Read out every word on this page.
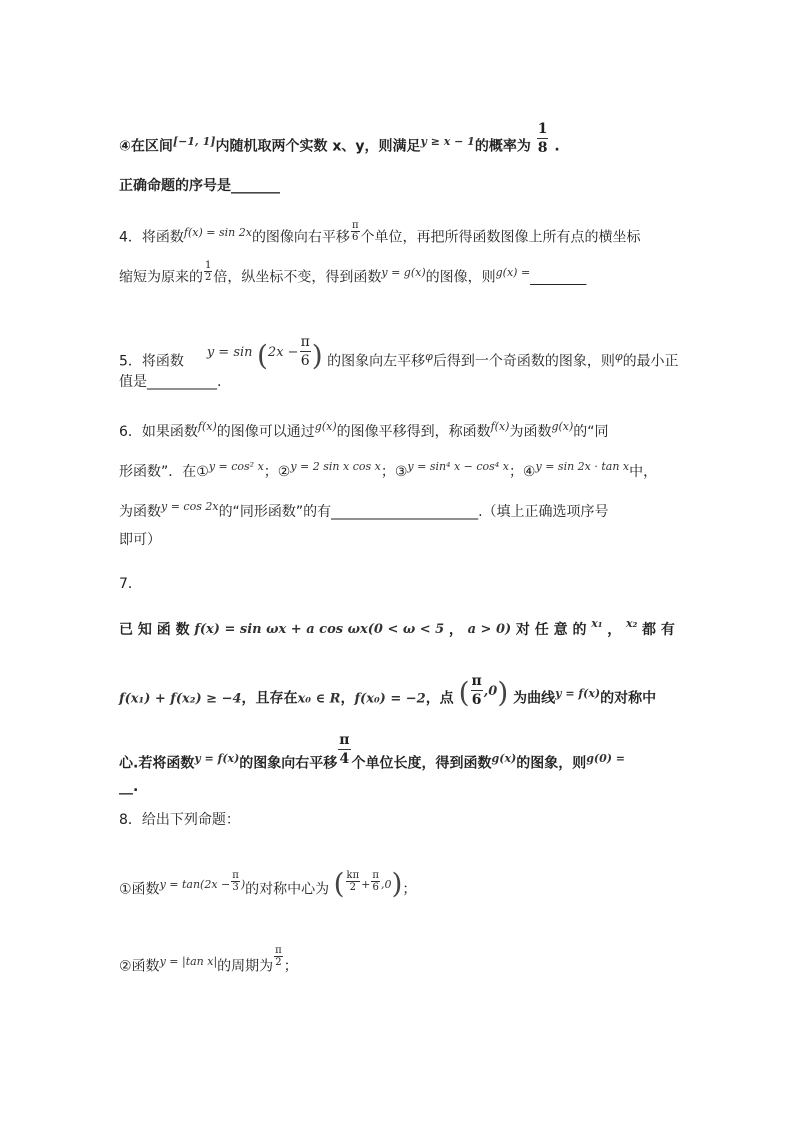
④在区间[−1, 1]内随机取两个实数 x、y，则满足$^{y \ge x - 1}$的概率为 $\frac{1}{8}$ .
正确命题的序号是_______
4．将函数$^{f(x) = sin 2x}$的图像向右平移 $\frac{\pi}{6}$ 个单位，再把所得函数图像上所有点的横坐标
缩短为原来的 $\frac{1}{2}$ 倍，纵坐标不变，得到函数$^{y = g(x)}$的图像，则$^{g(x) =}$________
5．将函数  $y = \sin (2x - \frac{\pi}{6}$ ) 的图象向左平移$^\varphi$后得到一个奇函数的图象，则$^\varphi$的最小正
值是__________.
6．如果函数$^{f(x)}$的图像可以通过$^{g(x)}$的图像平移得到，称函数$^{f(x)}$为函数$^{g(x)}$的“同
形函数”．在①$^{y = cos^2 x}$；②$^{y = 2 sin x cos x}$；③$^{y = sin^4 x - cos^4 x}$；④$^{y = sin 2x \cdot tan x}$中，
为函数$^{y = cos 2x}$的“同形函数”的有_____________________.（填上正确选项序号
即可）
7．
已 知 函 数 f(x) = sin ωx + a cos ωx(0 < ω < 5 ， a > 0) 对 任 意 的 x₁ ， x₂ 都 有
f(x₁) + f(x₂) ≥ −4，且存在x₀ ∈ R，f(x₀) = −2，点 ( $\frac{\pi}{6} ,0$) 为曲线$^{y = f(x)}$的对称中
心.若将函数$^{y = f(x)}$的图象向右平移 $\frac{\pi}{4}$ 个单位长度，得到函数$^{g(x)}$的图象，则$^{g(0) =}$
__.
8．给出下列命题：
①函数$^{y = tan(2x -} \frac{\pi}{3} ^)$的对称中心为 ( $\frac{k\pi}{2} ^+ \frac{\pi}{6} ^{,0}$)；
②函数$^{y = |tan x|}$的周期为 $\frac{\pi}{2}$ ；
